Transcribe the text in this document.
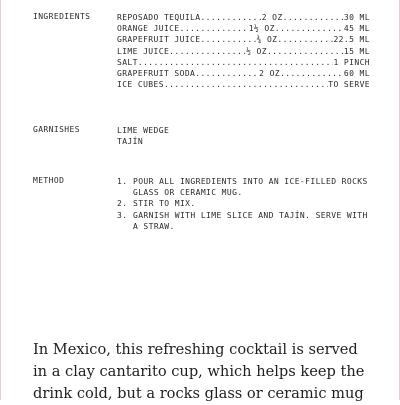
INGREDIENTS	REPOSADO TEQUILA .....	2 OZ .....	30 ML
ORANGE JUICE .....	1½ OZ .....	45 ML
GRAPEFRUIT JUICE .....	¾ OZ .....	22.5 ML
LIME JUICE .....	½ OZ .....	15 ML
SALT .....	1 PINCH
GRAPEFRUIT SODA .....	2 OZ .....	60 ML
ICE CUBES .....	TO SERVE
GARNISHES	LIME WEDGE
TAJÍN
METHOD	1. POUR ALL INGREDIENTS INTO AN ICE-FILLED ROCKS GLASS OR CERAMIC MUG.
2. STIR TO MIX.
3. GARNISH WITH LIME SLICE AND TAJÍN. SERVE WITH A STRAW.
In Mexico, this refreshing cocktail is served in a clay cantarito cup, which helps keep the drink cold, but a rocks glass or ceramic mug
